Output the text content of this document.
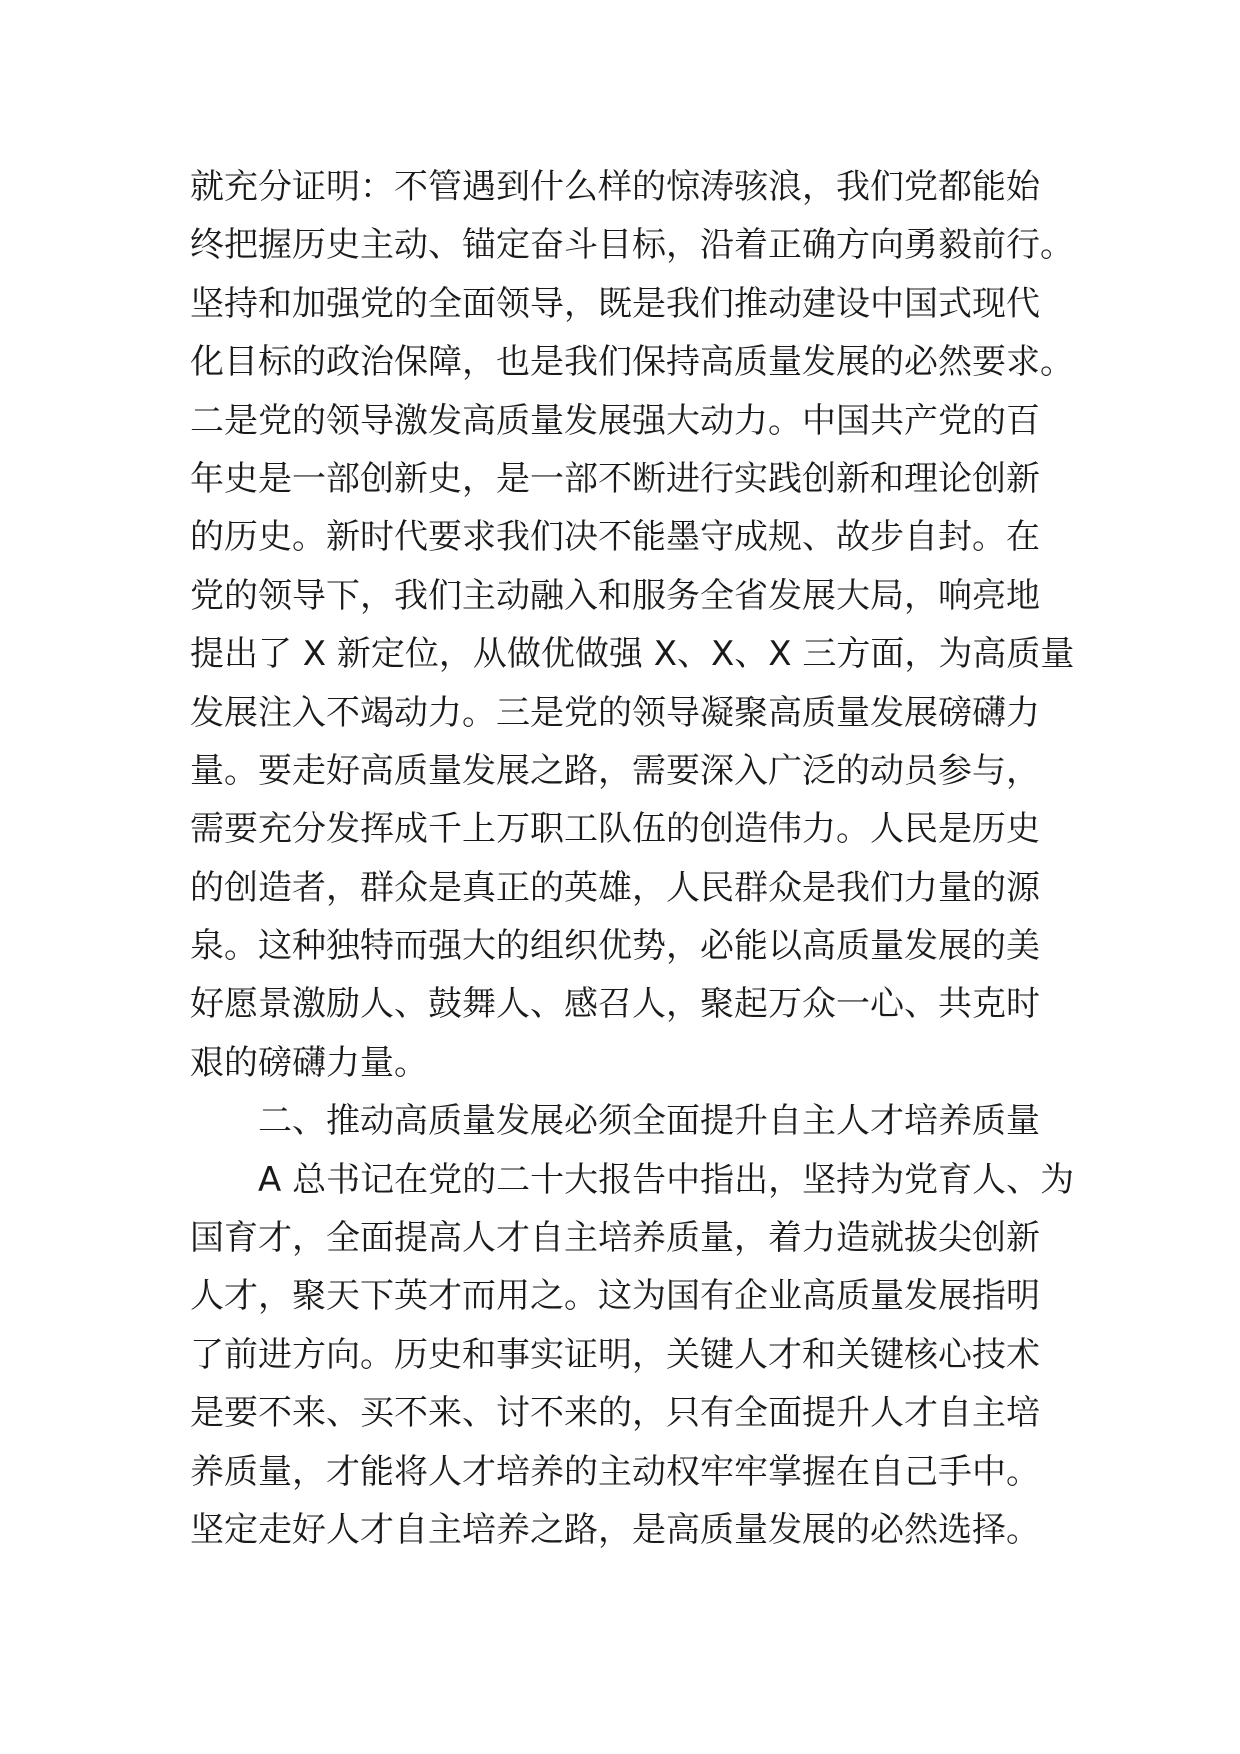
就充分证明：不管遇到什么样的惊涛骇浪，我们党都能始
终把握历史主动、锚定奋斗目标，沿着正确方向勇毅前行。
坚持和加强党的全面领导，既是我们推动建设中国式现代
化目标的政治保障，也是我们保持高质量发展的必然要求。
二是党的领导激发高质量发展强大动力。中国共产党的百
年史是一部创新史，是一部不断进行实践创新和理论创新
的历史。新时代要求我们决不能墨守成规、故步自封。在
党的领导下，我们主动融入和服务全省发展大局，响亮地
提出了 X 新定位，从做优做强 X、X、X 三方面，为高质量
发展注入不竭动力。三是党的领导凝聚高质量发展磅礴力
量。要走好高质量发展之路，需要深入广泛的动员参与，
需要充分发挥成千上万职工队伍的创造伟力。人民是历史
的创造者，群众是真正的英雄，人民群众是我们力量的源
泉。这种独特而强大的组织优势，必能以高质量发展的美
好愿景激励人、鼓舞人、感召人，聚起万众一心、共克时
艰的磅礴力量。
二、推动高质量发展必须全面提升自主人才培养质量
A 总书记在党的二十大报告中指出，坚持为党育人、为
国育才，全面提高人才自主培养质量，着力造就拔尖创新
人才，聚天下英才而用之。这为国有企业高质量发展指明
了前进方向。历史和事实证明，关键人才和关键核心技术
是要不来、买不来、讨不来的，只有全面提升人才自主培
养质量，才能将人才培养的主动权牢牢掌握在自己手中。
坚定走好人才自主培养之路，是高质量发展的必然选择。
